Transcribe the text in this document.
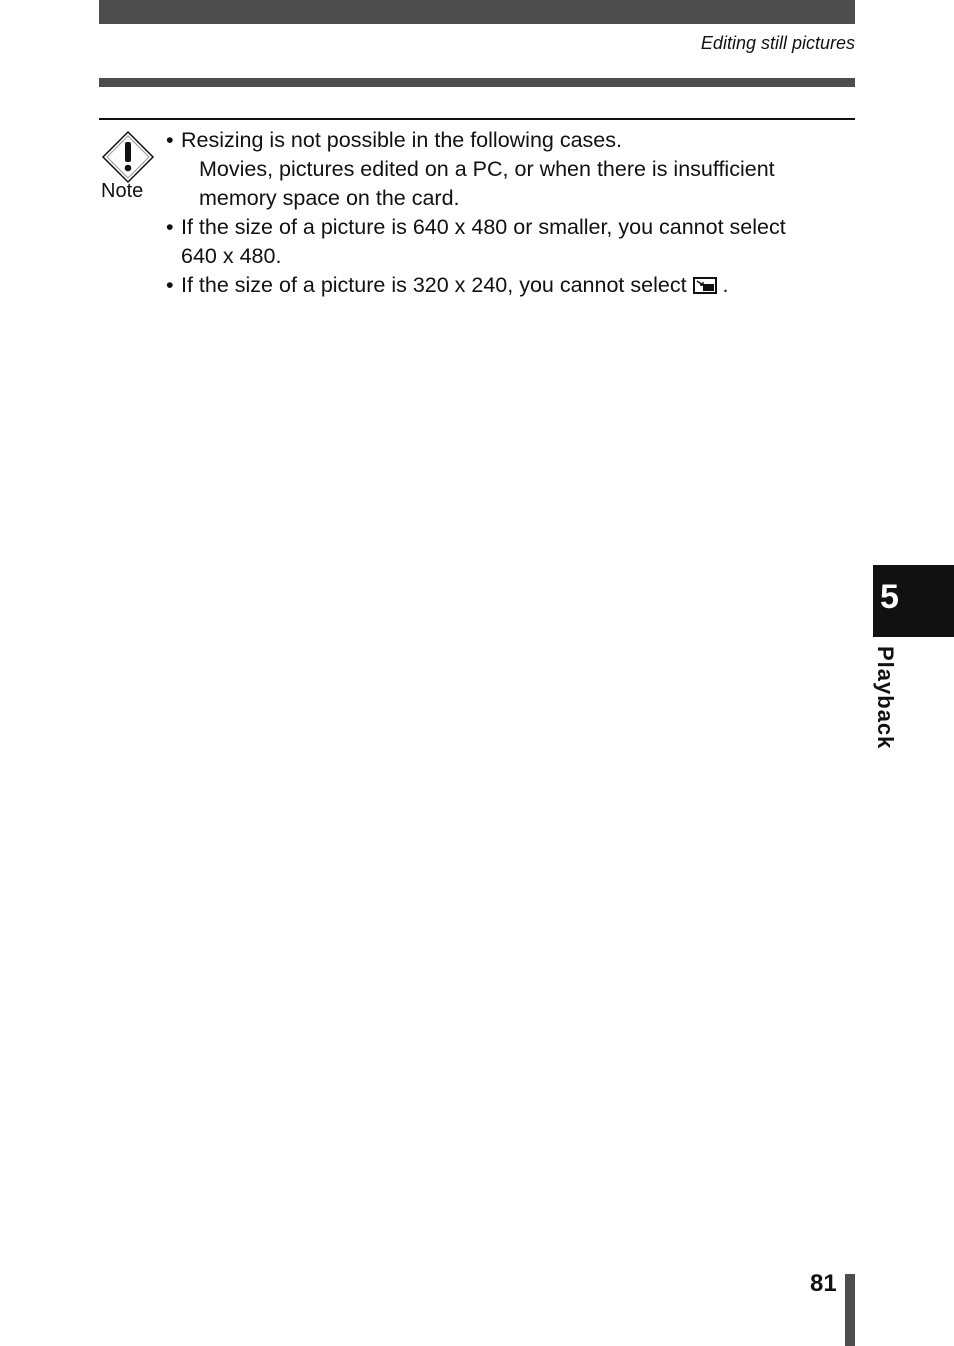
Editing still pictures
Note
• Resizing is not possible in the following cases.
Movies, pictures edited on a PC, or when there is insufficient
memory space on the card.
• If the size of a picture is 640 x 480 or smaller, you cannot select
640 x 480.
• If the size of a picture is 320 x 240, you cannot select .
5
Playback
81
